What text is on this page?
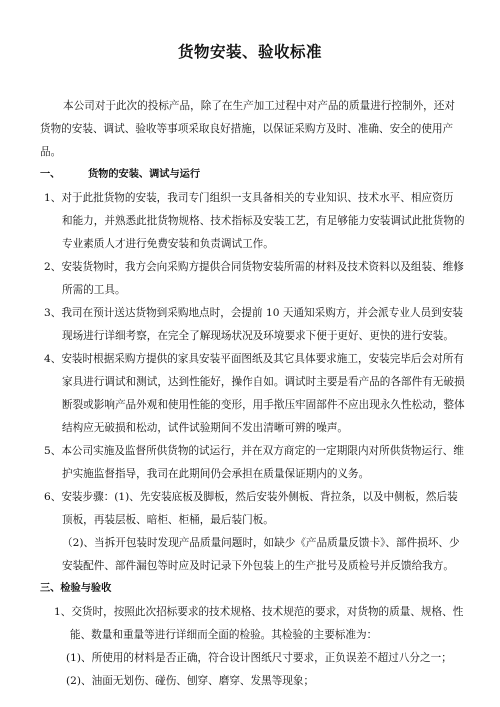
货物安装、验收标准
本公司对于此次的投标产品，除了在生产加工过程中对产品的质量进行控制外，还对
货物的安装、调试、验收等事项采取良好措施，以保证采购方及时、准确、安全的使用产
品。
一、	货物的安装、调试与运行
1、对于此批货物的安装，我司专门组织一支具备相关的专业知识、技术水平、相应资历
和能力，并熟悉此批货物规格、技术指标及安装工艺，有足够能力安装调试此批货物的
专业素质人才进行免费安装和负责调试工作。
2、安装货物时，我方会向采购方提供合同货物安装所需的材料及技术资料以及组装、维修
所需的工具。
3、我司在预计送达货物到采购地点时，会提前 10 天通知采购方，并会派专业人员到安装
现场进行详细考察，在完全了解现场状况及环境要求下便于更好、更快的进行安装。
4、安装时根据采购方提供的家具安装平面图纸及其它具体要求施工，安装完毕后会对所有
家具进行调试和测试，达到性能好，操作自如。调试时主要是看产品的各部件有无破损
断裂或影响产品外观和使用性能的变形，用手揿压牢固部件不应出现永久性松动，整体
结构应无破损和松动，试件试验期间不发出清晰可辨的噪声。
5、本公司实施及监督所供货物的试运行，并在双方商定的一定期限内对所供货物运行、维
护实施监督指导，我司在此期间仍会承担在质量保证期内的义务。
6、安装步骤：(1)、先安装底板及脚板，然后安装外侧板、背拉条，以及中侧板，然后装
顶板，再装层板、暗柜、柜桶，最后装门板。
（2)、当拆开包装时发现产品质量问题时，如缺少《产品质量反馈卡》、部件损坏、少
安装配件、部件漏包等时应及时记录下外包装上的生产批号及质检号并反馈给我方。
三、检验与验收
1、交货时，按照此次招标要求的技术规格、技术规范的要求，对货物的质量、规格、性
能、数量和重量等进行详细而全面的检验。其检验的主要标准为：
(1)、所使用的材料是否正确，符合设计图纸尺寸要求，正负误差不超过八分之一；
(2)、油面无划伤、碰伤、刨穿、磨穿、发黑等现象；
